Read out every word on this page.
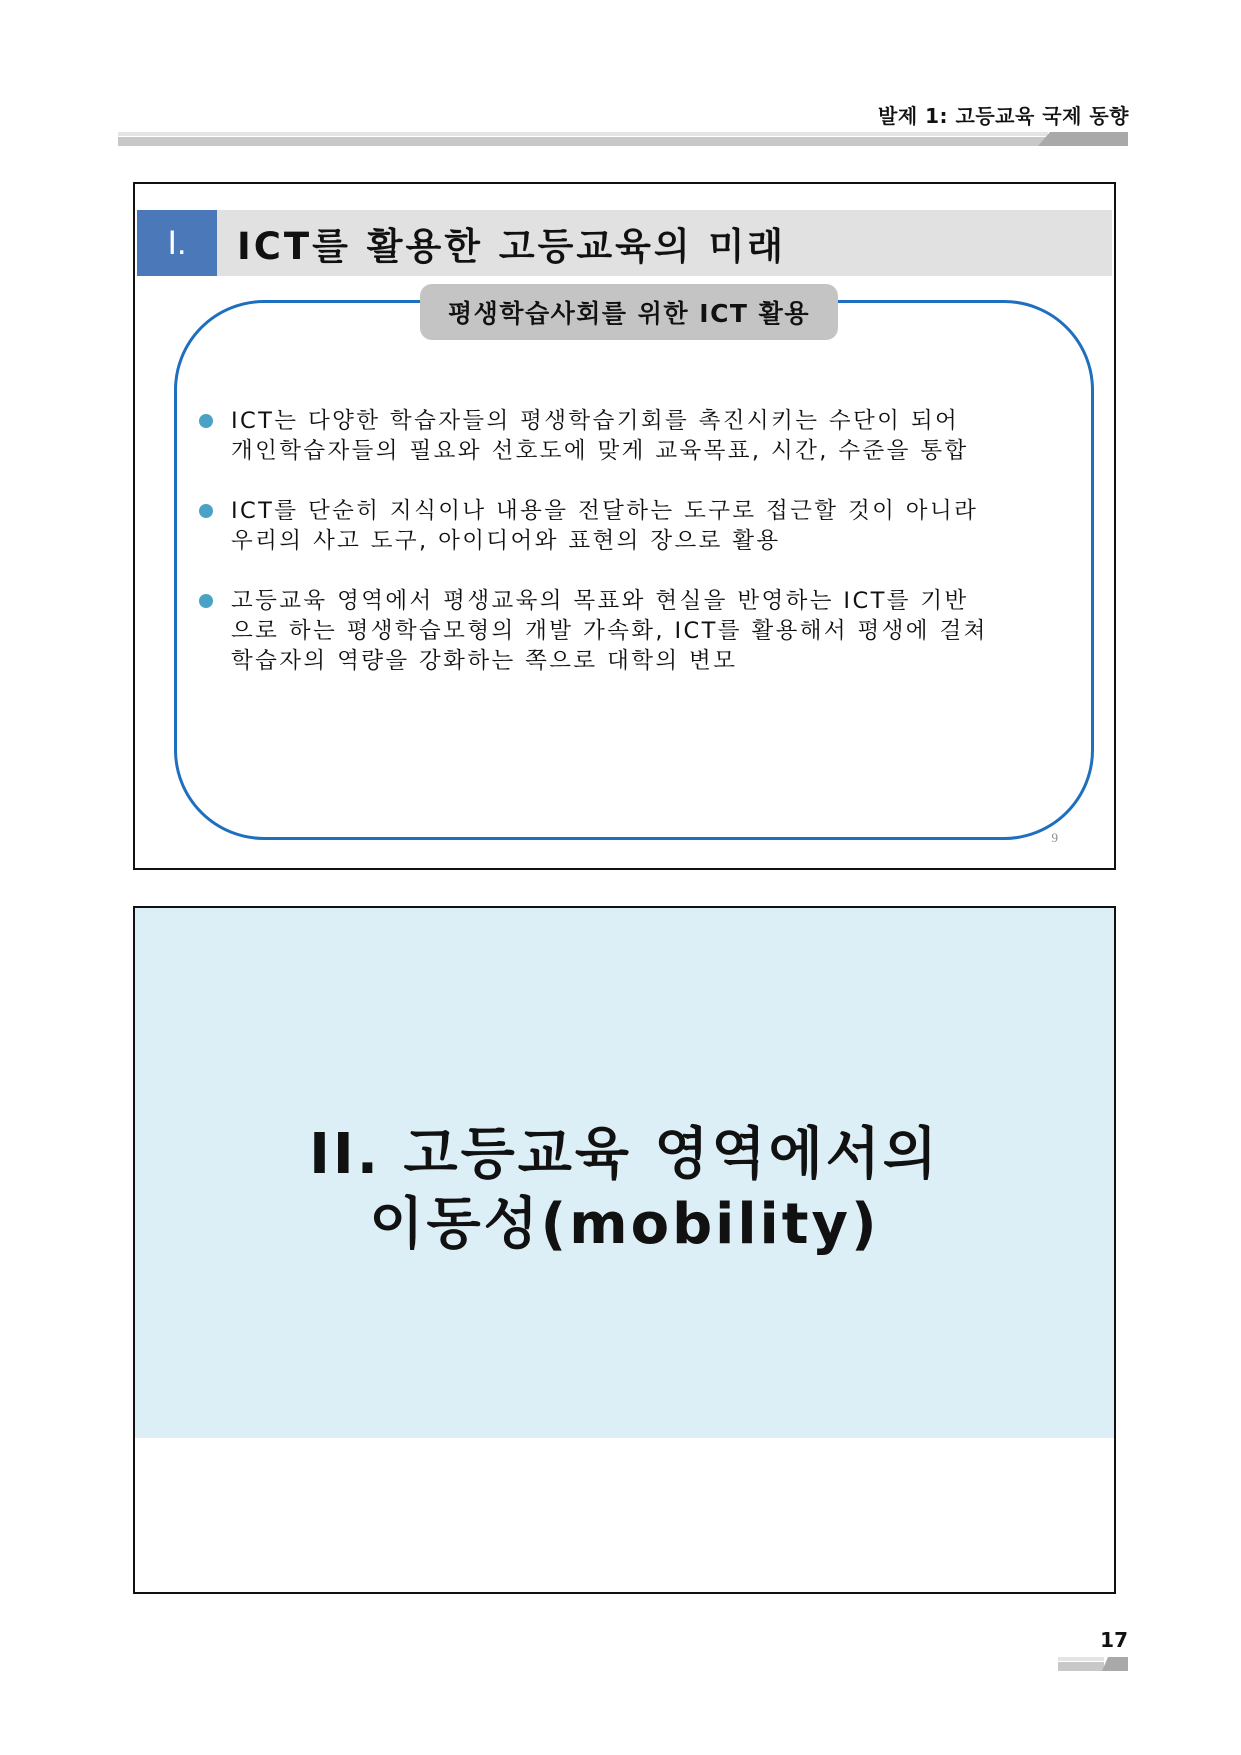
발제 1: 고등교육 국제 동향
I.	ICT를 활용한 고등교육의 미래
평생학습사회를 위한 ICT 활용
ICT는 다양한 학습자들의 평생학습기회를 촉진시키는 수단이 되어
개인학습자들의 필요와 선호도에 맞게 교육목표, 시간, 수준을 통합
ICT를 단순히 지식이나 내용을 전달하는 도구로 접근할 것이 아니라
우리의 사고 도구, 아이디어와 표현의 장으로 활용
고등교육 영역에서 평생교육의 목표와 현실을 반영하는 ICT를 기반
으로 하는 평생학습모형의 개발 가속화, ICT를 활용해서 평생에 걸쳐
학습자의 역량을 강화하는 쪽으로 대학의 변모
9
II. 고등교육 영역에서의
이동성(mobility)
17
